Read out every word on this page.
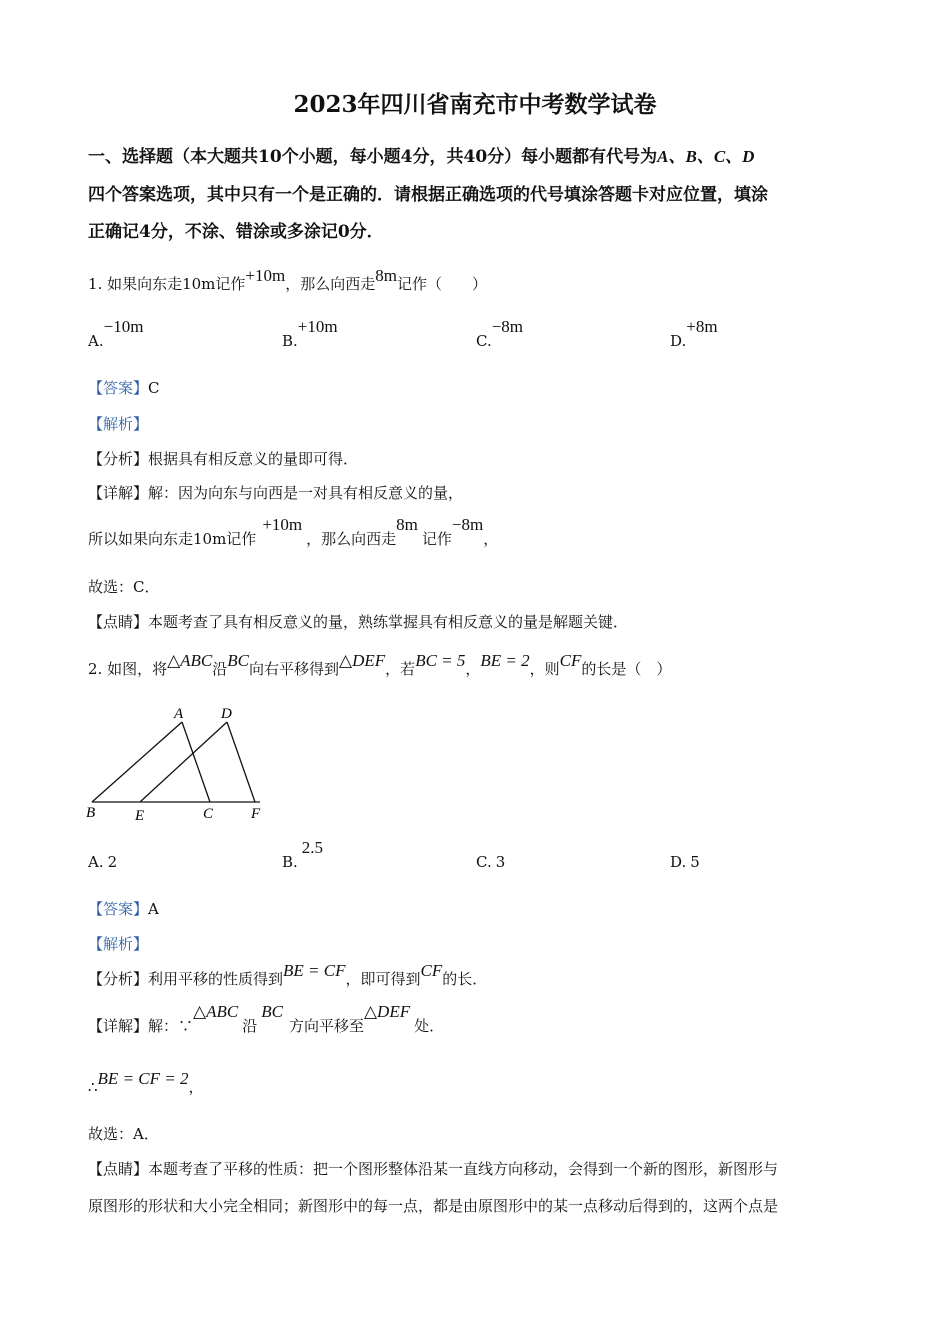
2023年四川省南充市中考数学试卷
一、选择题（本大题共10个小题，每小题4分，共40分）每小题都有代号为A、B、C、D
四个答案选项，其中只有一个是正确的．请根据正确选项的代号填涂答题卡对应位置，填涂
正确记4分，不涂、错涂或多涂记0分．
1. 如果向东走10m记作+10m，那么向西走8m记作（　　）
A.−10m
B.+10m
C.−8m
D.+8m
【答案】C
【解析】
【分析】根据具有相反意义的量即可得．
【详解】解：因为向东与向西是一对具有相反意义的量，
所以如果向东走10m记作+10m，那么向西走8m记作−8m，
故选：C．
【点睛】本题考查了具有相反意义的量，熟练掌握具有相反意义的量是解题关键．
2. 如图，将△ABC沿BC向右平移得到△DEF，若BC = 5，BE = 2，则CF的长是（　）
A	D
B	E	C	F
A. 2	B.2.5
C. 3	D. 5
【答案】A
【解析】
【分析】利用平移的性质得到BE = CF，即可得到CF的长．
【详解】解：∵△ABC沿BC方向平移至△DEF处．
∴BE = CF = 2，
故选：A．
【点睛】本题考查了平移的性质：把一个图形整体沿某一直线方向移动，会得到一个新的图形，新图形与
原图形的形状和大小完全相同；新图形中的每一点，都是由原图形中的某一点移动后得到的，这两个点是
